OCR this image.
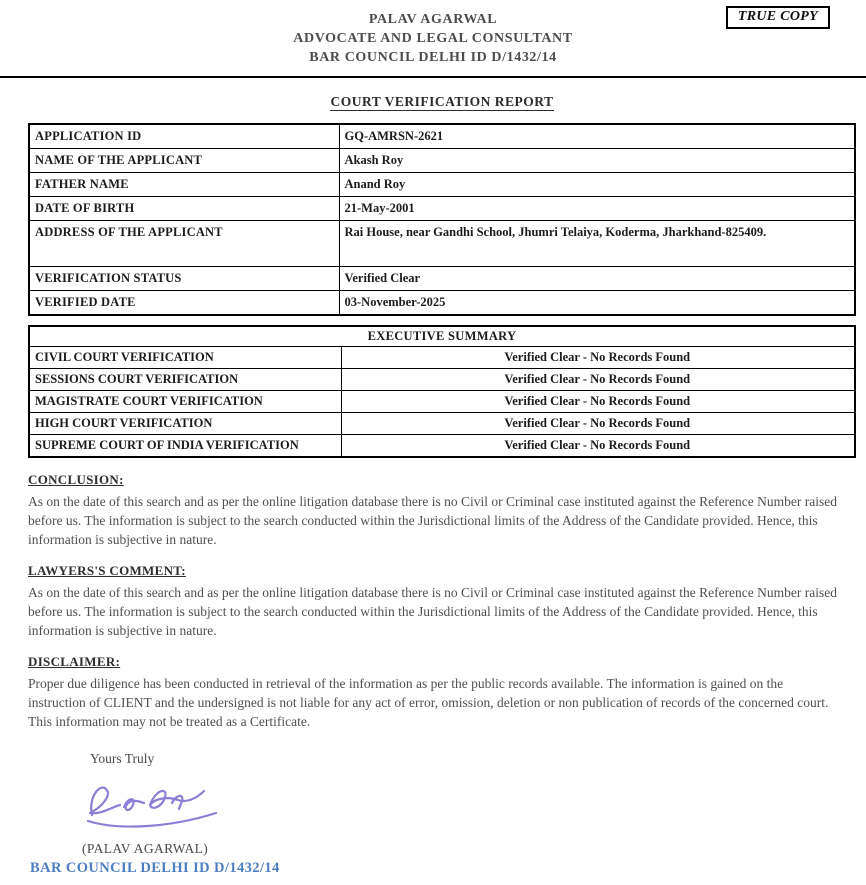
TRUE COPY
PALAV AGARWAL
ADVOCATE AND LEGAL CONSULTANT
BAR COUNCIL DELHI ID D/1432/14
COURT VERIFICATION REPORT
APPLICATION ID	GQ-AMRSN-2621
NAME OF THE APPLICANT	Akash Roy
FATHER NAME	Anand Roy
DATE OF BIRTH	21-May-2001
ADDRESS OF THE APPLICANT	Rai House, near Gandhi School, Jhumri Telaiya, Koderma, Jharkhand-825409.
VERIFICATION STATUS	Verified Clear
VERIFIED DATE	03-November-2025
EXECUTIVE SUMMARY	
CIVIL COURT VERIFICATION	Verified Clear - No Records Found
SESSIONS COURT VERIFICATION	Verified Clear - No Records Found
MAGISTRATE COURT VERIFICATION	Verified Clear - No Records Found
HIGH COURT VERIFICATION	Verified Clear - No Records Found
SUPREME COURT OF INDIA VERIFICATION	Verified Clear - No Records Found
CONCLUSION:
As on the date of this search and as per the online litigation database there is no Civil or Criminal case instituted against the Reference Number raised before us. The information is subject to the search conducted within the Jurisdictional limits of the Address of the Candidate provided. Hence, this information is subjective in nature.
LAWYERS'S COMMENT:
As on the date of this search and as per the online litigation database there is no Civil or Criminal case instituted against the Reference Number raised before us. The information is subject to the search conducted within the Jurisdictional limits of the Address of the Candidate provided. Hence, this information is subjective in nature.
DISCLAIMER:
Proper due diligence has been conducted in retrieval of the information as per the public records available. The information is gained on the instruction of CLIENT and the undersigned is not liable for any act of error, omission, deletion or non publication of records of the concerned court. This information may not be treated as a Certificate.
Yours Truly
(PALAV AGARWAL)
BAR COUNCIL DELHI ID D/1432/14
